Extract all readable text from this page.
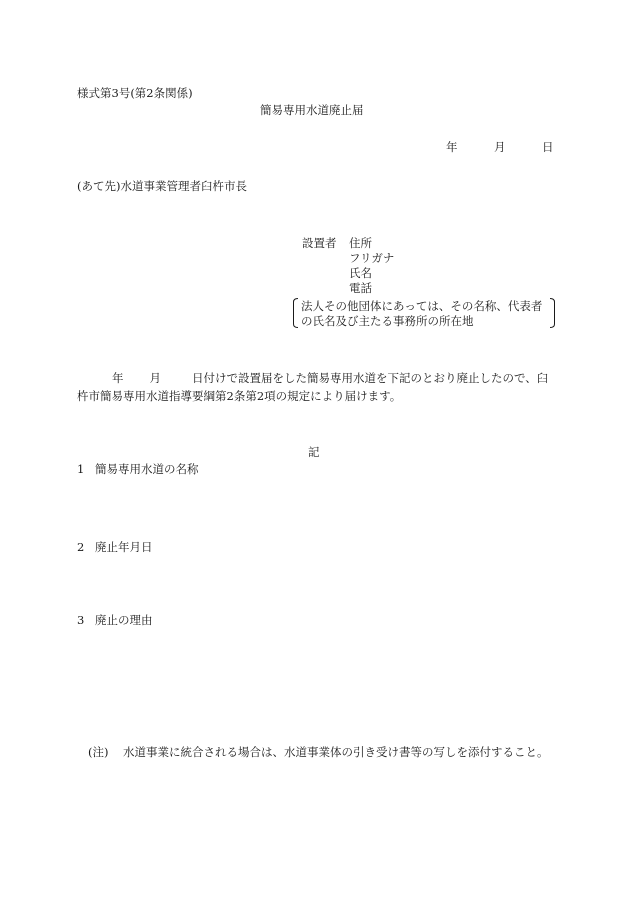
様式第3号(第2条関係)
簡易専用水道廃止届
年	月	日
(あて先)水道事業管理者臼杵市長
設置者 住所
フリガナ
氏名
電話
法人その他団体にあっては、その名称、代表者
の氏名及び主たる事務所の所在地
年 月	日付けで設置届をした簡易専用水道を下記のとおり廃止したので、臼杵市簡易専用水道指導要綱第2条第2項の規定により届けます。
記
1 簡易専用水道の名称
2 廃止年月日
3 廃止の理由
(注) 水道事業に統合される場合は、水道事業体の引き受け書等の写しを添付すること。
